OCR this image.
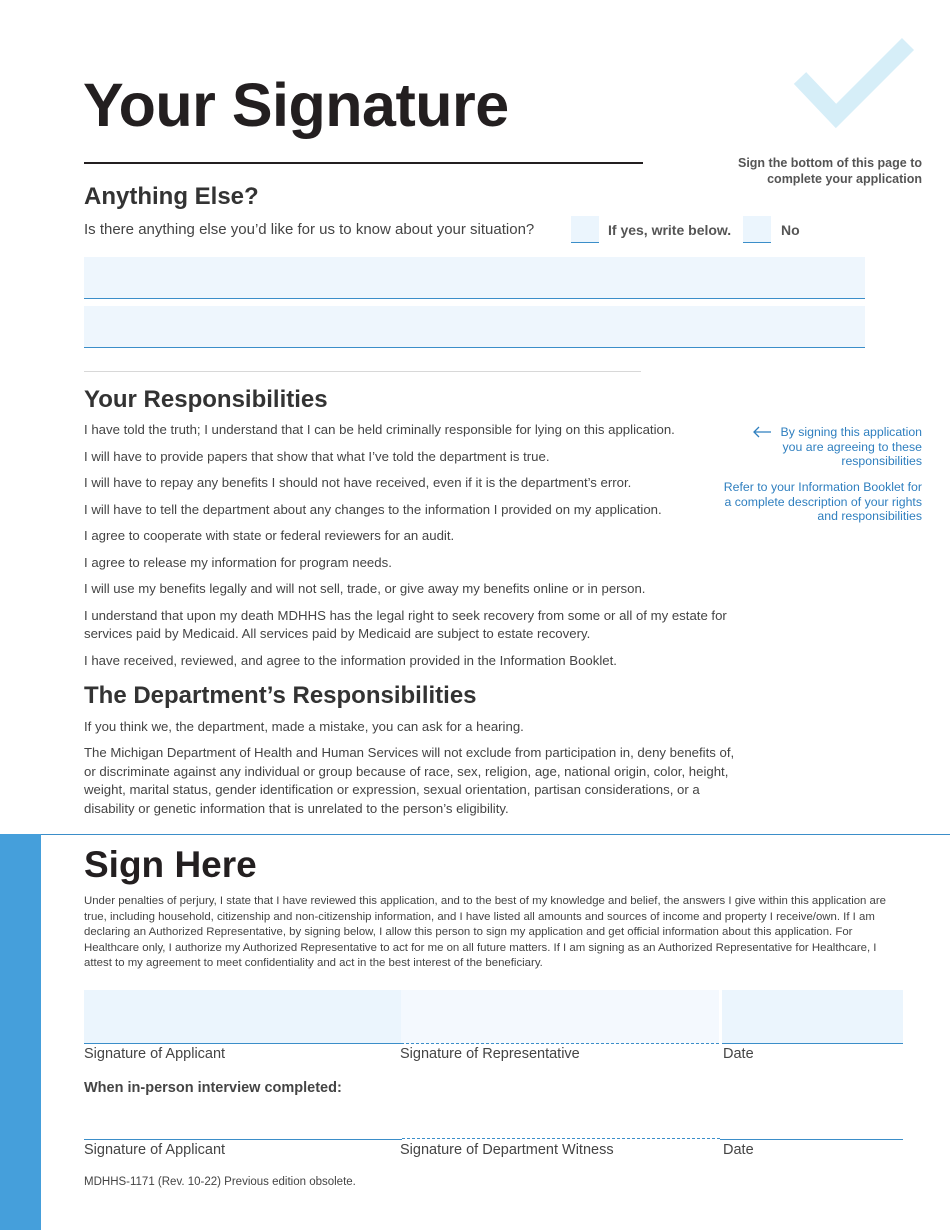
Your Signature
Sign the bottom of this page to complete your application
Anything Else?
Is there anything else you’d like for us to know about your situation?	If yes, write below.	No
Your Responsibilities
I have told the truth; I understand that I can be held criminally responsible for lying on this application.
I will have to provide papers that show that what I’ve told the department is true.
I will have to repay any benefits I should not have received, even if it is the department’s error.
I will have to tell the department about any changes to the information I provided on my application.
I agree to cooperate with state or federal reviewers for an audit.
I agree to release my information for program needs.
I will use my benefits legally and will not sell, trade, or give away my benefits online or in person.
I understand that upon my death MDHHS has the legal right to seek recovery from some or all of my estate for services paid by Medicaid. All services paid by Medicaid are subject to estate recovery.
I have received, reviewed, and agree to the information provided in the Information Booklet.
By signing this application you are agreeing to these responsibilities
Refer to your Information Booklet for a complete description of your rights and responsibilities
The Department’s Responsibilities

If you think we, the department, made a mistake, you can ask for a hearing.

The Michigan Department of Health and Human Services will not exclude from participation in, deny benefits of, or discriminate against any individual or group because of race, sex, religion, age, national origin, color, height, weight, marital status, gender identification or expression, sexual orientation, partisan considerations, or a disability or genetic information that is unrelated to the person’s eligibility.

Sign Here

Under penalties of perjury, I state that I have reviewed this application, and to the best of my knowledge and belief, the answers I give within this application are true, including household, citizenship and non-citizenship information, and I have listed all amounts and sources of income and property I receive/own. If I am declaring an Authorized Representative, by signing below, I allow this person to sign my application and get official information about this application. For Healthcare only, I authorize my Authorized Representative to act for me on all future matters. If I am signing as an Authorized Representative for Healthcare, I attest to my agreement to meet confidentiality and act in the best interest of the beneficiary.

Signature of Applicant	Signature of Representative	Date
When in-person interview completed:
Signature of Applicant	Signature of Department Witness	Date
MDHHS-1171 (Rev. 10-22) Previous edition obsolete.
